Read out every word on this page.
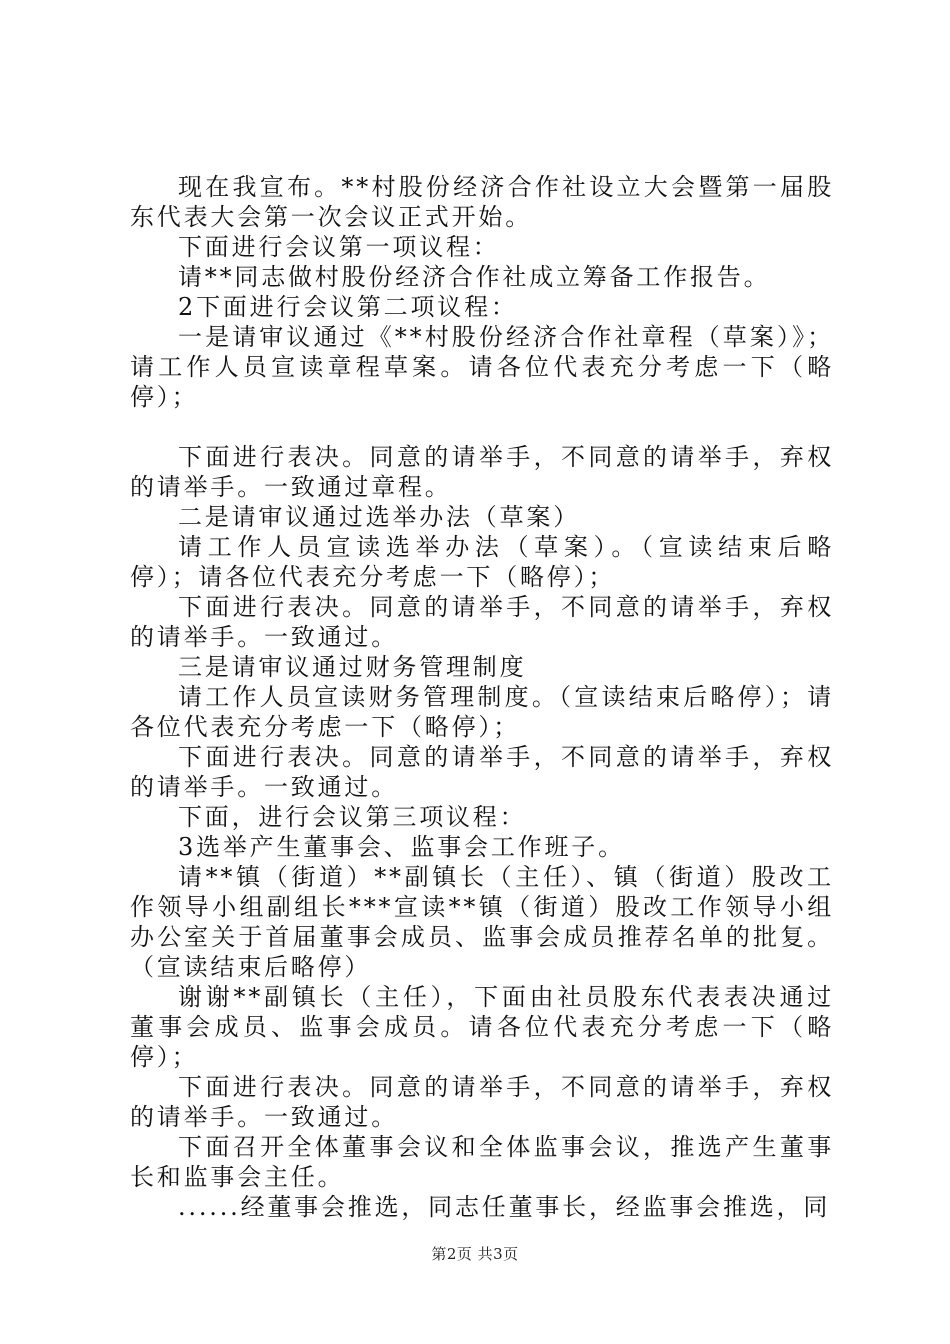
现在我宣布。**村股份经济合作社设立大会暨第一届股东代表大会第一次会议正式开始。

下面进行会议第一项议程：

请**同志做村股份经济合作社成立筹备工作报告。

2下面进行会议第二项议程：

一是请审议通过《**村股份经济合作社章程（草案）》；请工作人员宣读章程草案。请各位代表充分考虑一下（略停）；

下面进行表决。同意的请举手，不同意的请举手，弃权的请举手。一致通过章程。

二是请审议通过选举办法（草案）

请工作人员宣读选举办法（草案）。（宣读结束后略停）；请各位代表充分考虑一下（略停）；

下面进行表决。同意的请举手，不同意的请举手，弃权的请举手。一致通过。

三是请审议通过财务管理制度

请工作人员宣读财务管理制度。（宣读结束后略停）；请各位代表充分考虑一下（略停）；

下面进行表决。同意的请举手，不同意的请举手，弃权的请举手。一致通过。

下面，进行会议第三项议程：

3选举产生董事会、监事会工作班子。

请**镇（街道）**副镇长（主任）、镇（街道）股改工作领导小组副组长***宣读**镇（街道）股改工作领导小组办公室关于首届董事会成员、监事会成员推荐名单的批复。（宣读结束后略停）

谢谢**副镇长（主任），下面由社员股东代表表决通过董事会成员、监事会成员。请各位代表充分考虑一下（略停）；

下面进行表决。同意的请举手，不同意的请举手，弃权的请举手。一致通过。

下面召开全体董事会议和全体监事会议，推选产生董事长和监事会主任。

......经董事会推选，同志任董事长，经监事会推选，同

第2页 共3页
